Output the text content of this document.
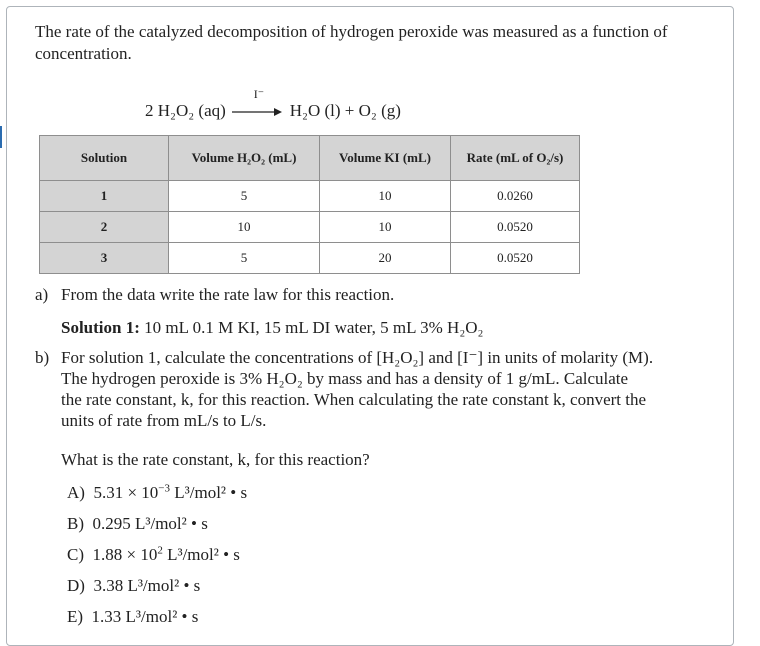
The rate of the catalyzed decomposition of hydrogen peroxide was measured as a function of concentration.
2 H₂O₂ (aq)
I⁻
H₂O (l) + O₂ (g)
Solution	Volume H₂O₂ (mL)	Volume KI (mL)	Rate (mL of O₂/s)
1	5	10	0.0260
2	10	10	0.0520
3	5	20	0.0520
a) From the data write the rate law for this reaction.
Solution 1: 10 mL 0.1 M KI, 15 mL DI water, 5 mL 3% H₂O₂
b) For solution 1, calculate the concentrations of [H₂O₂] and [I⁻] in units of molarity (M).
The hydrogen peroxide is 3% H₂O₂ by mass and has a density of 1 g/mL. Calculate
the rate constant, k, for this reaction. When calculating the rate constant k, convert the
units of rate from mL/s to L/s.
What is the rate constant, k, for this reaction?
A) $5.31 \times 10^{-3}$ L³/mol² • s
B) 0.295 L³/mol² • s
C) $1.88 \times 10^2$ L³/mol² • s
D) 3.38 L³/mol² • s
E) 1.33 L³/mol² • s
